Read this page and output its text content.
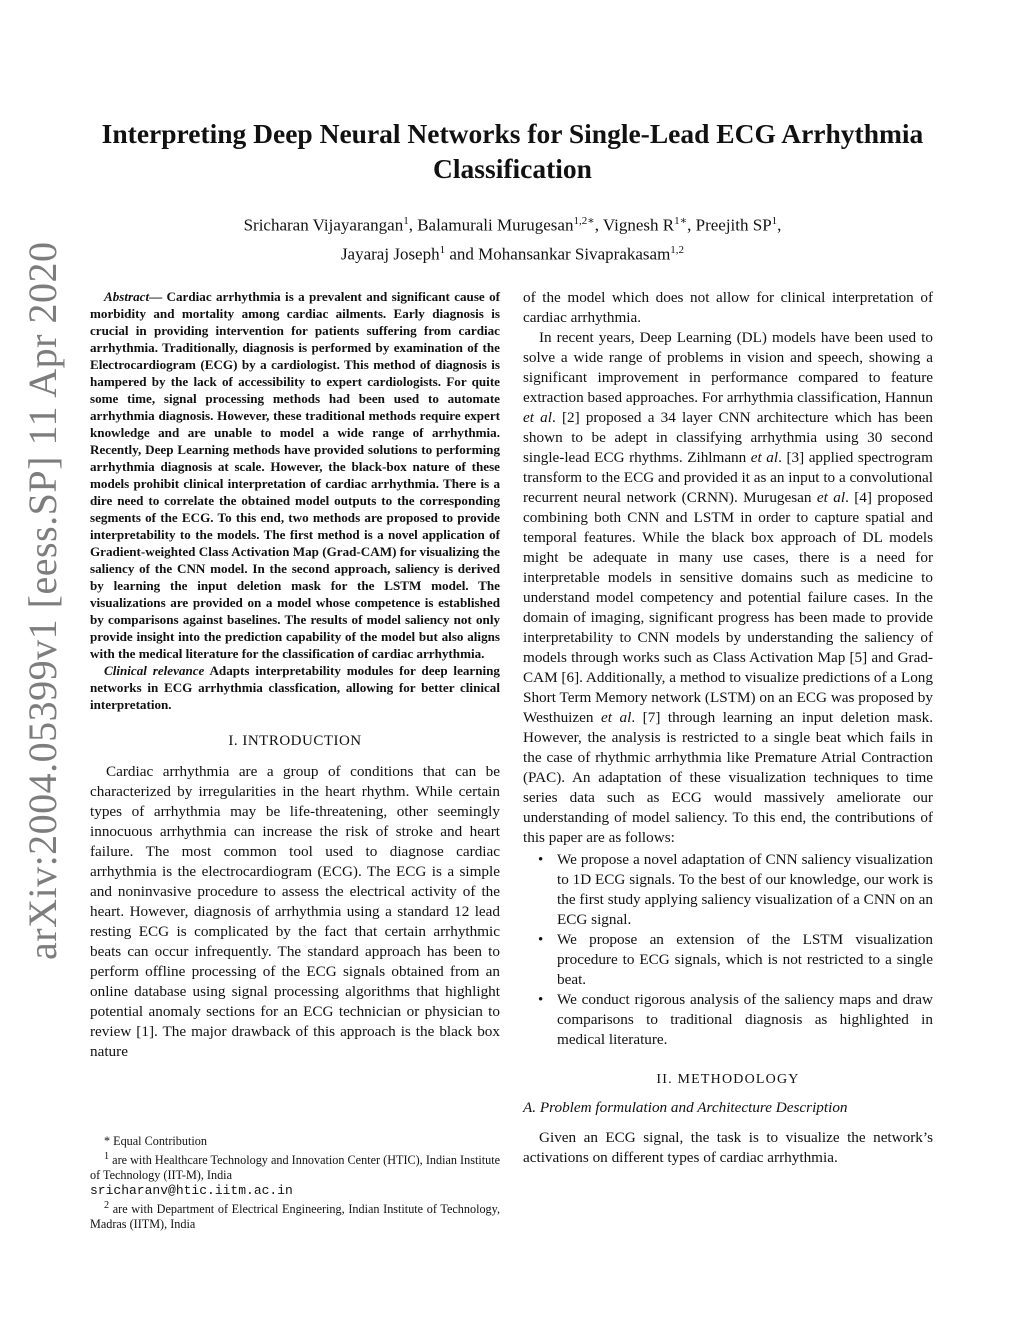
arXiv:2004.05399v1 [eess.SP] 11 Apr 2020
Interpreting Deep Neural Networks for Single-Lead ECG Arrhythmia Classification
Sricharan Vijayarangan$^1$, Balamurali Murugesan$^{1,2∗}$, Vignesh $R^{1∗}$, Preejith $SP^1$,
Jayaraj Joseph$^1$ and Mohansankar Sivaprakasam$^{1,2}$

Abstract— Cardiac arrhythmia is a prevalent and significant cause of morbidity and mortality among cardiac ailments. Early diagnosis is crucial in providing intervention for patients suffering from cardiac arrhythmia. Traditionally, diagnosis is performed by examination of the Electrocardiogram (ECG) by a cardiologist. This method of diagnosis is hampered by the lack of accessibility to expert cardiologists. For quite some time, signal processing methods had been used to automate arrhythmia diagnosis. However, these traditional methods require expert knowledge and are unable to model a wide range of arrhythmia. Recently, Deep Learning methods have provided solutions to performing arrhythmia diagnosis at scale. However, the black-box nature of these models prohibit clinical interpretation of cardiac arrhythmia. There is a dire need to correlate the obtained model outputs to the corresponding segments of the ECG. To this end, two methods are proposed to provide interpretability to the models. The first method is a novel application of Gradient-weighted Class Activation Map (Grad-CAM) for visualizing the saliency of the CNN model. In the second approach, saliency is derived by learning the input deletion mask for the LSTM model. The visualizations are provided on a model whose competence is established by comparisons against baselines. The results of model saliency not only provide insight into the prediction capability of the model but also aligns with the medical literature for the classification of cardiac arrhythmia.

Clinical relevance Adapts interpretability modules for deep learning networks in ECG arrhythmia classfication, allowing for better clinical interpretation.

I. INTRODUCTION

Cardiac arrhythmia are a group of conditions that can be characterized by irregularities in the heart rhythm. While certain types of arrhythmia may be life-threatening, other seemingly innocuous arrhythmia can increase the risk of stroke and heart failure. The most common tool used to diagnose cardiac arrhythmia is the electrocardiogram (ECG). The ECG is a simple and noninvasive procedure to assess the electrical activity of the heart. However, diagnosis of arrhythmia using a standard 12 lead resting ECG is complicated by the fact that certain arrhythmic beats can occur infrequently. The standard approach has been to perform offline processing of the ECG signals obtained from an online database using signal processing algorithms that highlight potential anomaly sections for an ECG technician or physician to review [1]. The major drawback of this approach is the black box nature

of the model which does not allow for clinical interpretation of cardiac arrhythmia.

In recent years, Deep Learning (DL) models have been used to solve a wide range of problems in vision and speech, showing a significant improvement in performance compared to feature extraction based approaches. For arrhythmia classification, Hannun et al. [2] proposed a 34 layer CNN architecture which has been shown to be adept in classifying arrhythmia using 30 second single-lead ECG rhythms. Zihlmann et al. [3] applied spectrogram transform to the ECG and provided it as an input to a convolutional recurrent neural network (CRNN). Murugesan et al. [4] proposed combining both CNN and LSTM in order to capture spatial and temporal features. While the black box approach of DL models might be adequate in many use cases, there is a need for interpretable models in sensitive domains such as medicine to understand model competency and potential failure cases. In the domain of imaging, significant progress has been made to provide interpretability to CNN models by understanding the saliency of models through works such as Class Activation Map [5] and Grad-CAM [6]. Additionally, a method to visualize predictions of a Long Short Term Memory network (LSTM) on an ECG was proposed by Westhuizen et al. [7] through learning an input deletion mask. However, the analysis is restricted to a single beat which fails in the case of rhythmic arrhythmia like Premature Atrial Contraction (PAC). An adaptation of these visualization techniques to time series data such as ECG would massively ameliorate our understanding of model saliency. To this end, the contributions of this paper are as follows:

• We propose a novel adaptation of CNN saliency visualization to 1D ECG signals. To the best of our knowledge, our work is the first study applying saliency visualization of a CNN on an ECG signal.
• We propose an extension of the LSTM visualization procedure to ECG signals, which is not restricted to a single beat.
• We conduct rigorous analysis of the saliency maps and draw comparisons to traditional diagnosis as highlighted in medical literature.
II. METHODOLOGY
A. Problem formulation and Architecture Description

Given an ECG signal, the task is to visualize the network’s activations on different types of cardiac arrhythmia.

* Equal Contribution

$^1$ are with Healthcare Technology and Innovation Center (HTIC), Indian Institute of Technology (IIT-M), India
sricharanv@htic.iitm.ac.in

$^2$ are with Department of Electrical Engineering, Indian Institute of Technology, Madras (IITM), India
